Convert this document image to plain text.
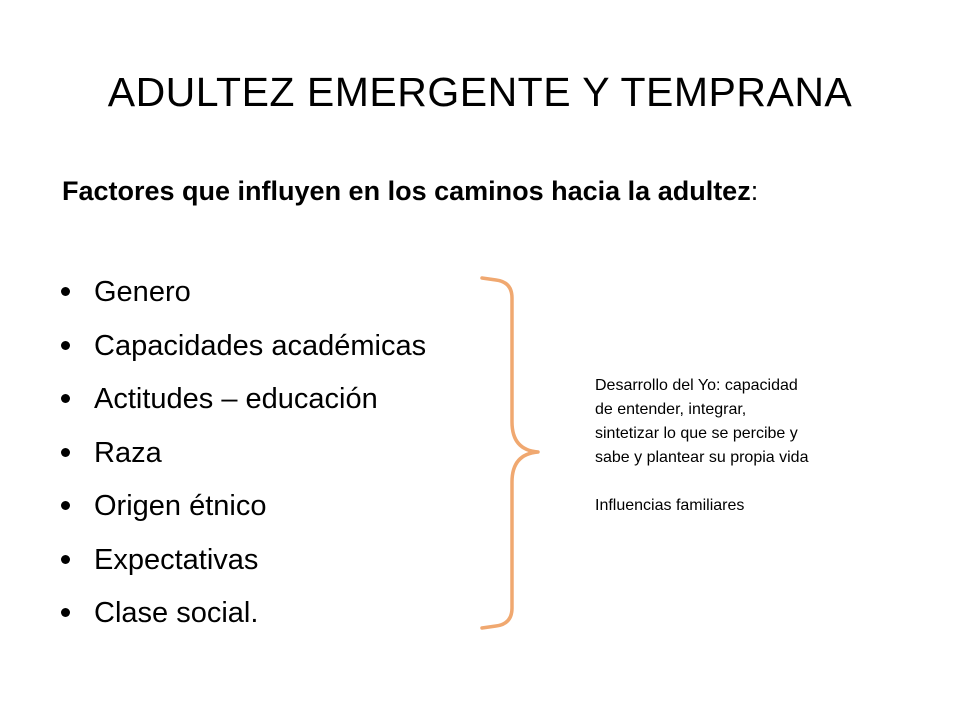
ADULTEZ EMERGENTE Y TEMPRANA
Factores que influyen en los caminos hacia la adultez:
Genero
Capacidades académicas
Actitudes – educación
Raza
Origen étnico
Expectativas
Clase social.

Desarrollo del Yo: capacidad

de entender, integrar,

sintetizar lo que se percibe y

sabe y plantear su propia vida

Influencias familiares
